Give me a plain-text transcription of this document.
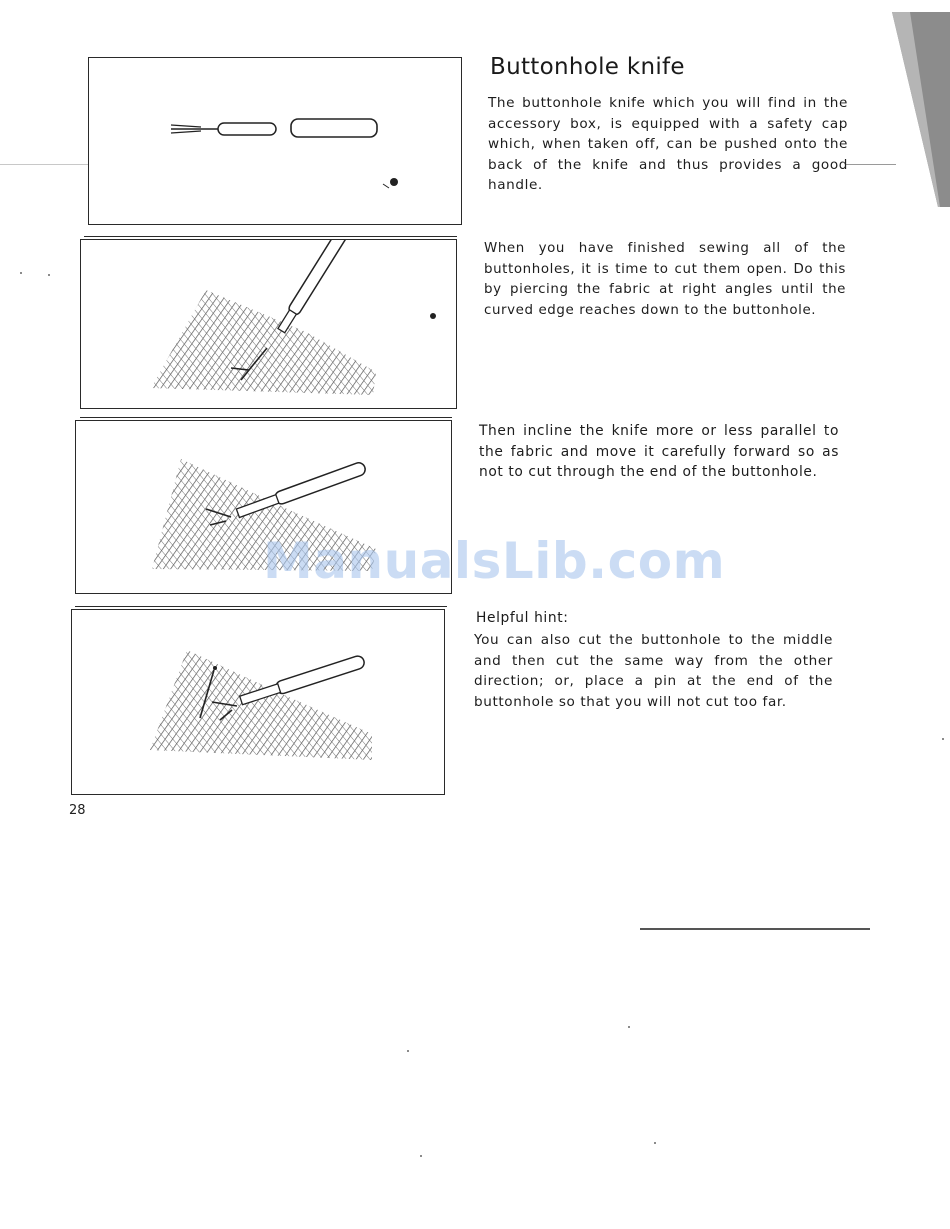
Buttonhole knife

The buttonhole knife which you will find in the accessory box, is equipped with a safety cap which, when taken off, can be pushed onto the back of the knife and thus provides a good handle.

When you have finished sewing all of the buttonholes, it is time to cut them open. Do this by piercing the fabric at right angles until the curved edge reaches down to the buttonhole.

Then incline the knife more or less parallel to the fabric and move it carefully forward so as not to cut through the end of the buttonhole.

Helpful hint:

You can also cut the buttonhole to the middle and then cut the same way from the other direction; or, place a pin at the end of the buttonhole so that you will not cut too far.

28
ManualsLib.com
